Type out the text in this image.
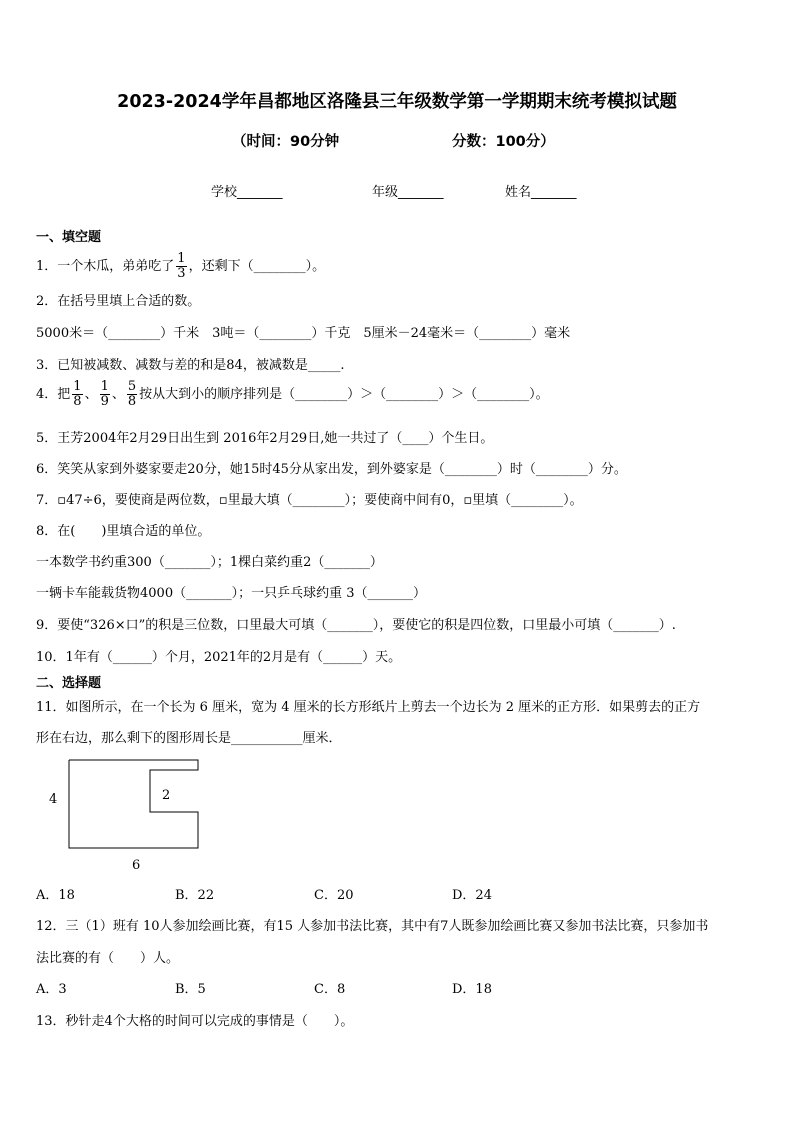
2023-2024学年昌都地区洛隆县三年级数学第一学期期末统考模拟试题
（时间：90分钟	分数：100分）
学校_______	年级_______	姓名_______
一、填空题
1．一个木瓜，弟弟吃了 $\frac{1}{3}$ ，还剩下（________）。
2．在括号里填上合适的数。
5000米＝（________）千米　3吨＝（________）千克　5厘米－24毫米＝（________）毫米
3．已知被减数、减数与差的和是84，被减数是_____.
4．把 $\frac{1}{8}$ 、 $\frac{1}{9}$ 、 $\frac{5}{8}$ 按从大到小的顺序排列是（________）＞（________）＞（________）。
5．王芳2004年2月29日出生到 2016年2月29日,她一共过了（____）个生日。
6．笑笑从家到外婆家要走20分，她15时45分从家出发，到外婆家是（________）时（________）分。
7．▫47÷6，要使商是两位数，▫里最大填（________）；要使商中间有0，▫里填（________）。
8．在(　　)里填合适的单位。
一本数学书约重300（_______）；1棵白菜约重2（_______）
一辆卡车能载货物4000（_______）；一只乒乓球约重 3（_______）
9．要使“326×口”的积是三位数，口里最大可填（_______），要使它的积是四位数，口里最小可填（_______）.
10．1年有（______）个月，2021年的2月是有（______）天。
二、选择题
11．如图所示，在一个长为 6 厘米，宽为 4 厘米的长方形纸片上剪去一个边长为 2 厘米的正方形．如果剪去的正方
形在右边，那么剩下的图形周长是___________厘米．
4	2
6
A．18	B．22	C．20	D．24
12．三（1）班有 10人参加绘画比赛，有15 人参加书法比赛，其中有7人既参加绘画比赛又参加书法比赛，只参加书
法比赛的有（　　）人。
A．3	B．5	C．8	D．18
13．秒针走4个大格的时间可以完成的事情是（　　）。
